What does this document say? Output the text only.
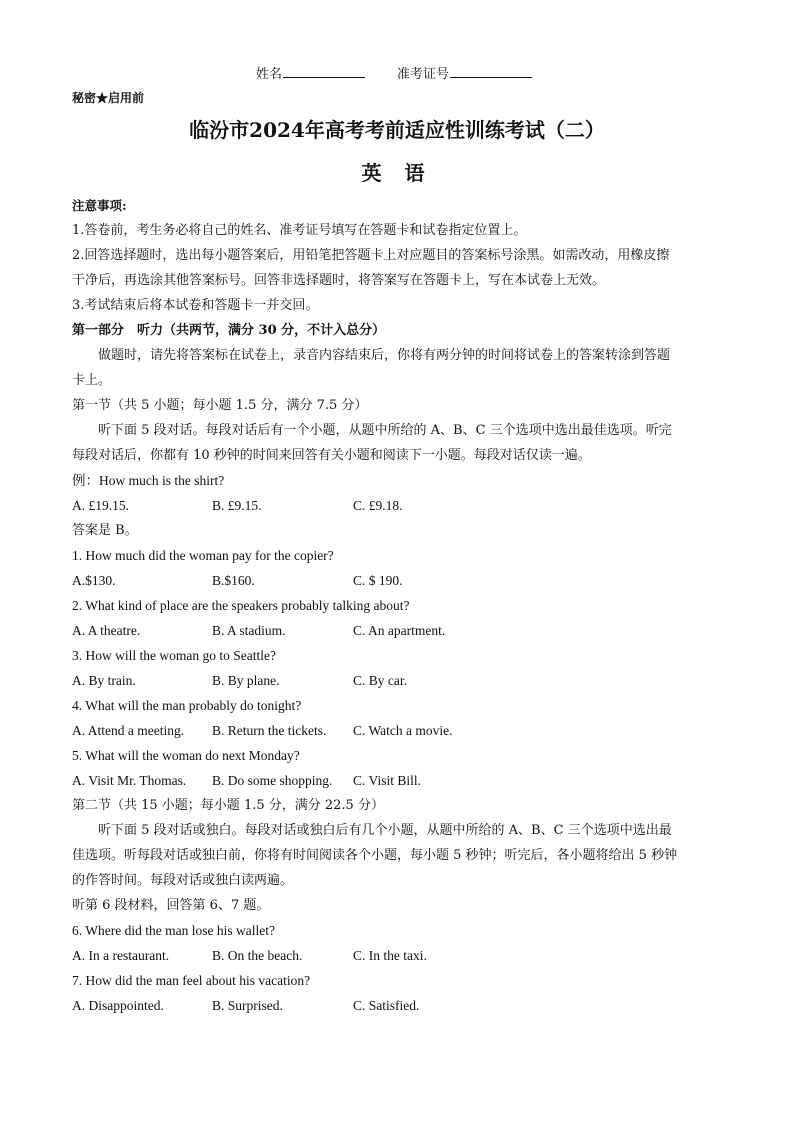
姓名	准考证号
秘密★启用前
临汾市2024年高考考前适应性训练考试（二）
英 语
注意事项:
1.答卷前，考生务必将自己的姓名、准考证号填写在答题卡和试卷指定位置上。
2.回答选择题时，选出每小题答案后，用铅笔把答题卡上对应题目的答案标号涂黑。如需改动，用橡皮擦
干净后，再选涂其他答案标号。回答非选择题时，将答案写在答题卡上，写在本试卷上无效。
3.考试结束后将本试卷和答题卡一并交回。
第一部分　听力（共两节，满分 30 分，不计入总分）
做题时，请先将答案标在试卷上，录音内容结束后，你将有两分钟的时间将试卷上的答案转涂到答题
卡上。
第一节（共 5 小题；每小题 1.5 分，满分 7.5 分）
听下面 5 段对话。每段对话后有一个小题，从题中所给的 A、B、C 三个选项中选出最佳选项。听完
每段对话后，你都有 10 秒钟的时间来回答有关小题和阅读下一小题。每段对话仅读一遍。
例：How much is the shirt?
A. £19.15.	B. £9.15.	C. £9.18.
答案是 B。
1. How much did the woman pay for the copier?
A.$130.	B.$160.	C. $ 190.
2. What kind of place are the speakers probably talking about?
A. A theatre.	B. A stadium.	C. An apartment.
3. How will the woman go to Seattle?
A. By train.	B. By plane.	C. By car.
4. What will the man probably do tonight?
A. Attend a meeting. B. Return the tickets. C. Watch a movie.
5. What will the woman do next Monday?
A. Visit Mr. Thomas. B. Do some shopping. C. Visit Bill.
第二节（共 15 小题；每小题 1.5 分，满分 22.5 分）
听下面 5 段对话或独白。每段对话或独白后有几个小题，从题中所给的 A、B、C 三个选项中选出最
佳选项。听每段对话或独白前，你将有时间阅读各个小题，每小题 5 秒钟；听完后，各小题将给出 5 秒钟
的作答时间。每段对话或独白读两遍。
听第 6 段材料，回答第 6、7 题。
6. Where did the man lose his wallet?
A. In a restaurant.	B. On the beach.	C. In the taxi.
7. How did the man feel about his vacation?
A. Disappointed.	B. Surprised.	C. Satisfied.
